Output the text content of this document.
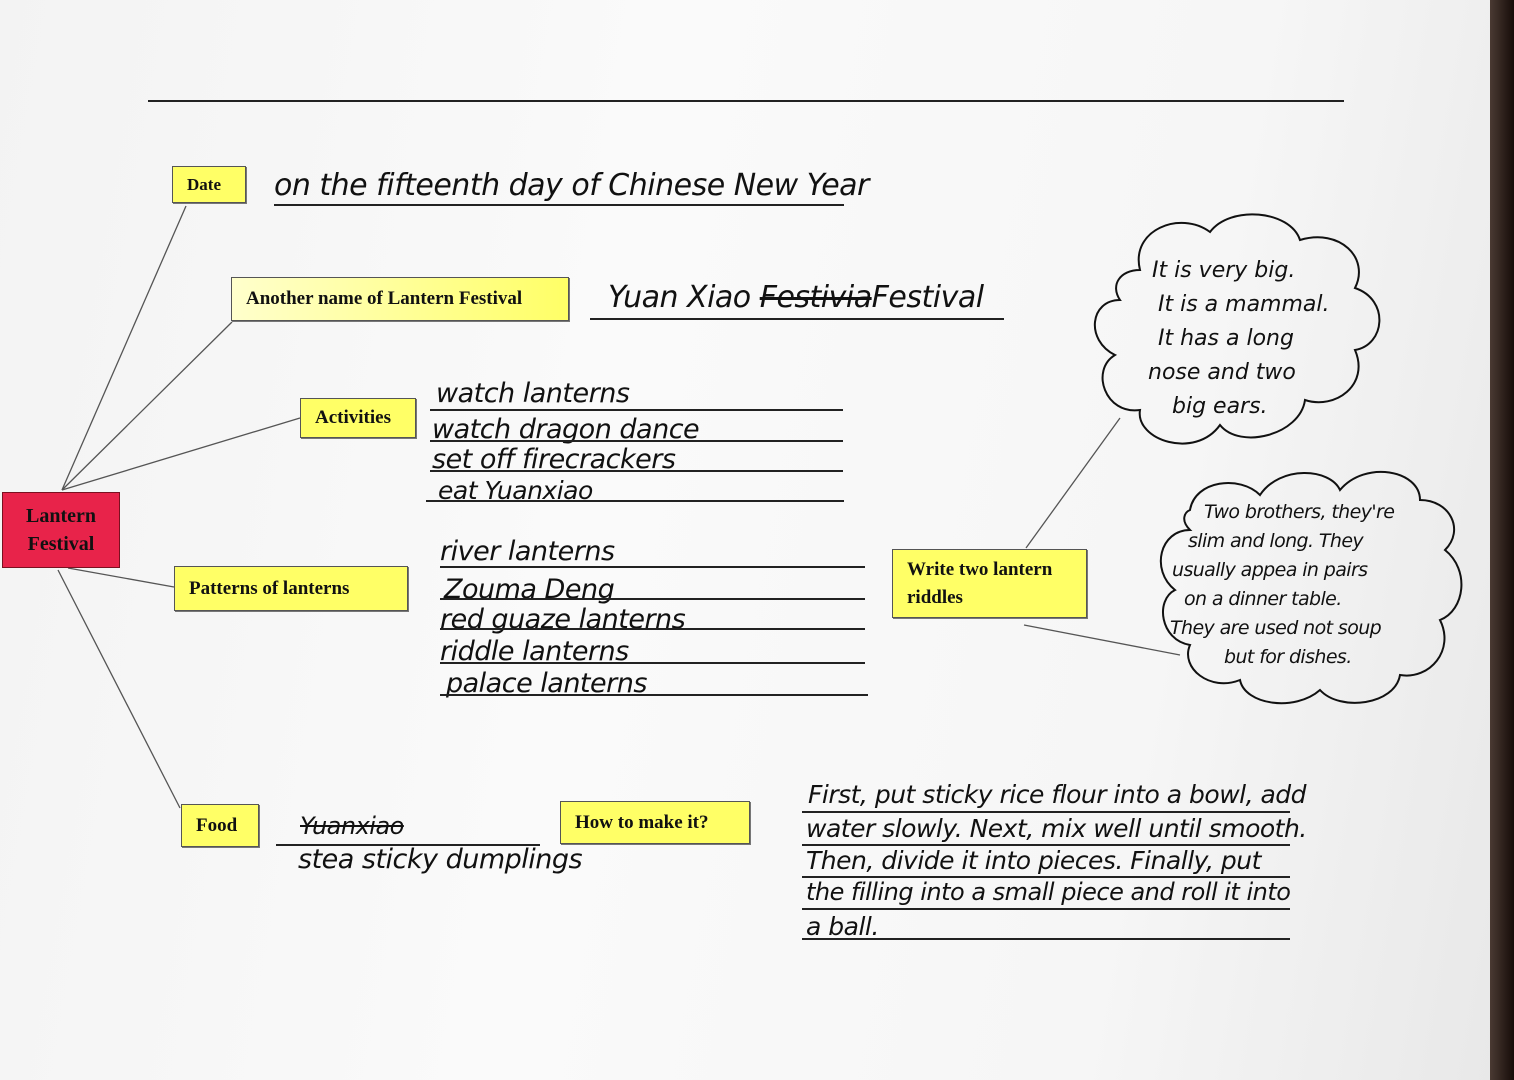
Lantern
Festival
Date on the fifteenth day of Chinese New Year
Another name of Lantern Festival	Yuan Xiao FestiviaFestival
Activities
watch lanterns
watch dragon dance
set off firecrackers
eat Yuanxiao
Patterns of lanterns
river lanterns
Zouma Deng
red guaze lanterns
riddle lanterns
palace lanterns
Write two lantern
riddles
It is very big.
It is a mammal.
It has a long
nose and two
big ears.
Two brothers, they're
slim and long. They
usually appea in pairs
on a dinner table.
They are used not soup
but for dishes.
Food	Yuanxiao
stea sticky dumplings
How to make it?
First, put sticky rice flour into a bowl, add
water slowly. Next, mix well until smooth.
Then, divide it into pieces. Finally, put
the filling into a small piece and roll it into
a ball.
